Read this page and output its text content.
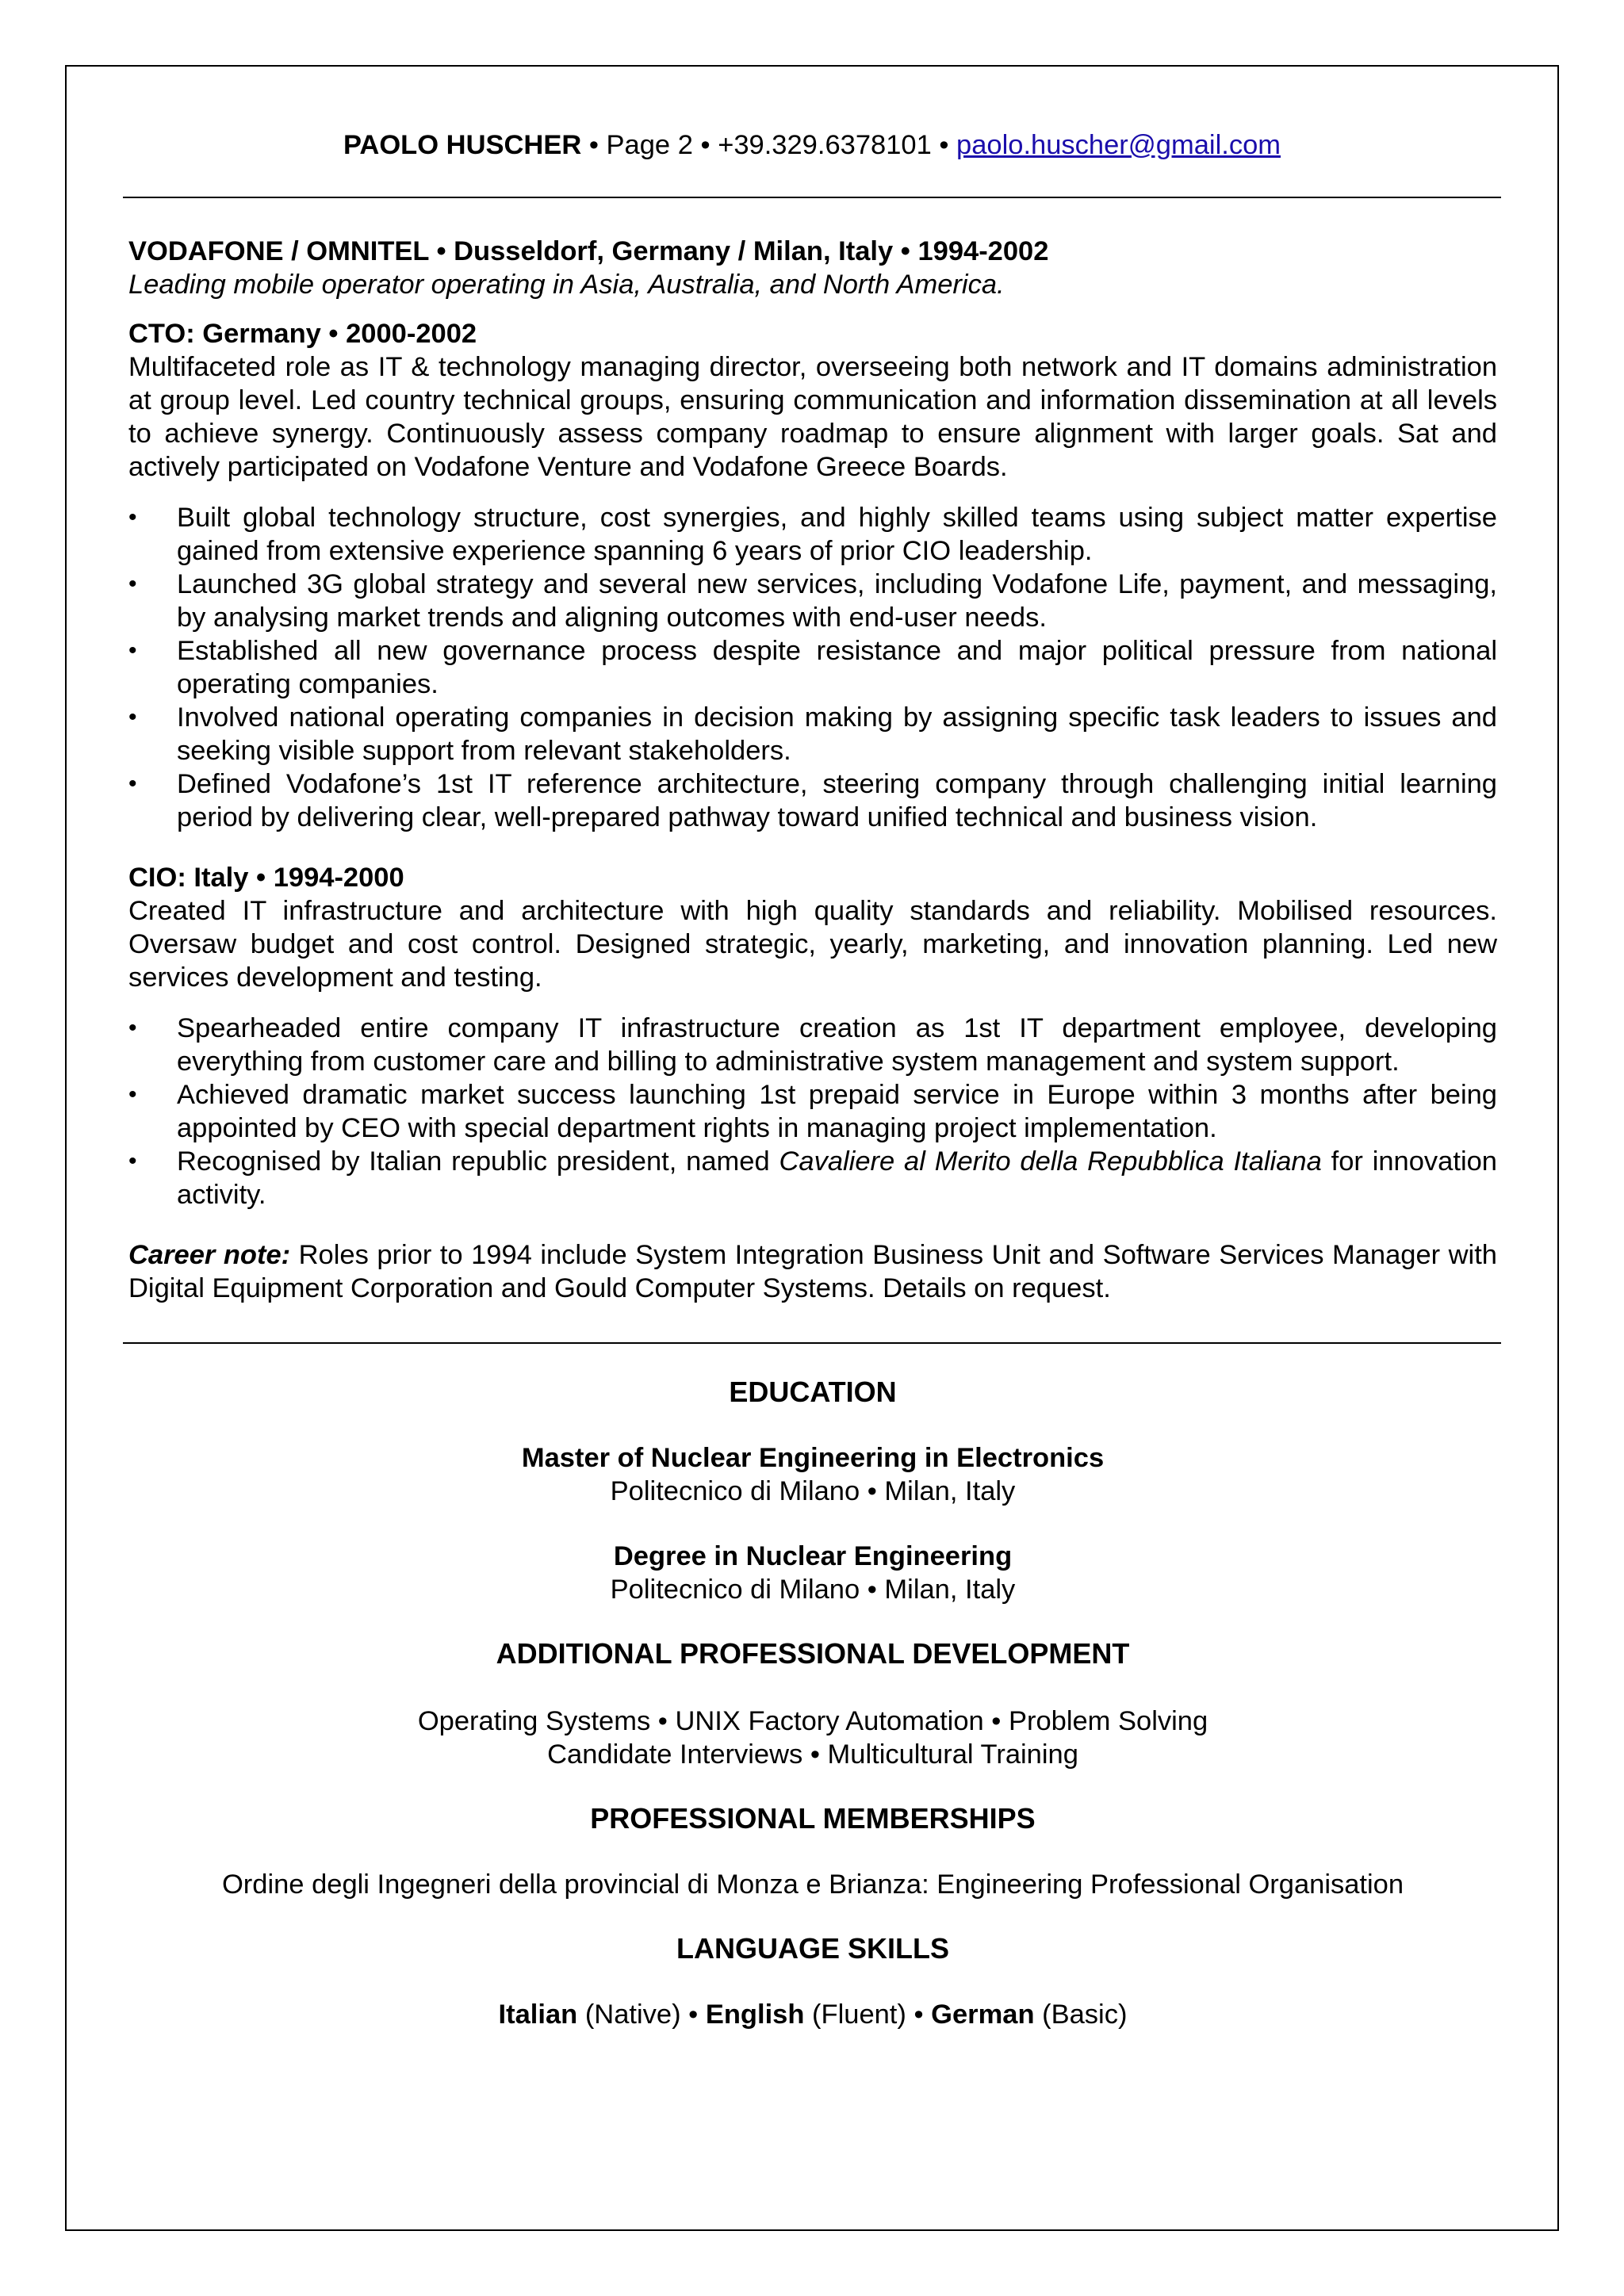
PAOLO HUSCHER • Page 2 • +39.329.6378101 • paolo.huscher@gmail.com

VODAFONE / OMNITEL • Dusseldorf, Germany / Milan, Italy • 1994-2002

Leading mobile operator operating in Asia, Australia, and North America.

CTO: Germany • 2000-2002

Multifaceted role as IT & technology managing director, overseeing both network and IT domains administration at group level. Led country technical groups, ensuring communication and information dissemination at all levels to achieve synergy. Continuously assess company roadmap to ensure alignment with larger goals. Sat and actively participated on Vodafone Venture and Vodafone Greece Boards.

• Built global technology structure, cost synergies, and highly skilled teams using subject matter expertise gained from extensive experience spanning 6 years of prior CIO leadership.
• Launched 3G global strategy and several new services, including Vodafone Life, payment, and messaging, by analysing market trends and aligning outcomes with end-user needs.
• Established all new governance process despite resistance and major political pressure from national operating companies.
• Involved national operating companies in decision making by assigning specific task leaders to issues and seeking visible support from relevant stakeholders.
• Defined Vodafone’s 1st IT reference architecture, steering company through challenging initial learning period by delivering clear, well-prepared pathway toward unified technical and business vision.

CIO: Italy • 1994-2000

Created IT infrastructure and architecture with high quality standards and reliability. Mobilised resources. Oversaw budget and cost control. Designed strategic, yearly, marketing, and innovation planning. Led new services development and testing.

• Spearheaded entire company IT infrastructure creation as 1st IT department employee, developing everything from customer care and billing to administrative system management and system support.
• Achieved dramatic market success launching 1st prepaid service in Europe within 3 months after being appointed by CEO with special department rights in managing project implementation.
• Recognised by Italian republic president, named Cavaliere al Merito della Repubblica Italiana for innovation activity.

Career note: Roles prior to 1994 include System Integration Business Unit and Software Services Manager with Digital Equipment Corporation and Gould Computer Systems. Details on request.

EDUCATION

Master of Nuclear Engineering in Electronics

Politecnico di Milano • Milan, Italy

Degree in Nuclear Engineering

Politecnico di Milano • Milan, Italy

ADDITIONAL PROFESSIONAL DEVELOPMENT

Operating Systems • UNIX Factory Automation • Problem Solving

Candidate Interviews • Multicultural Training

PROFESSIONAL MEMBERSHIPS

Ordine degli Ingegneri della provincial di Monza e Brianza: Engineering Professional Organisation

LANGUAGE SKILLS

Italian (Native) • English (Fluent) • German (Basic)
